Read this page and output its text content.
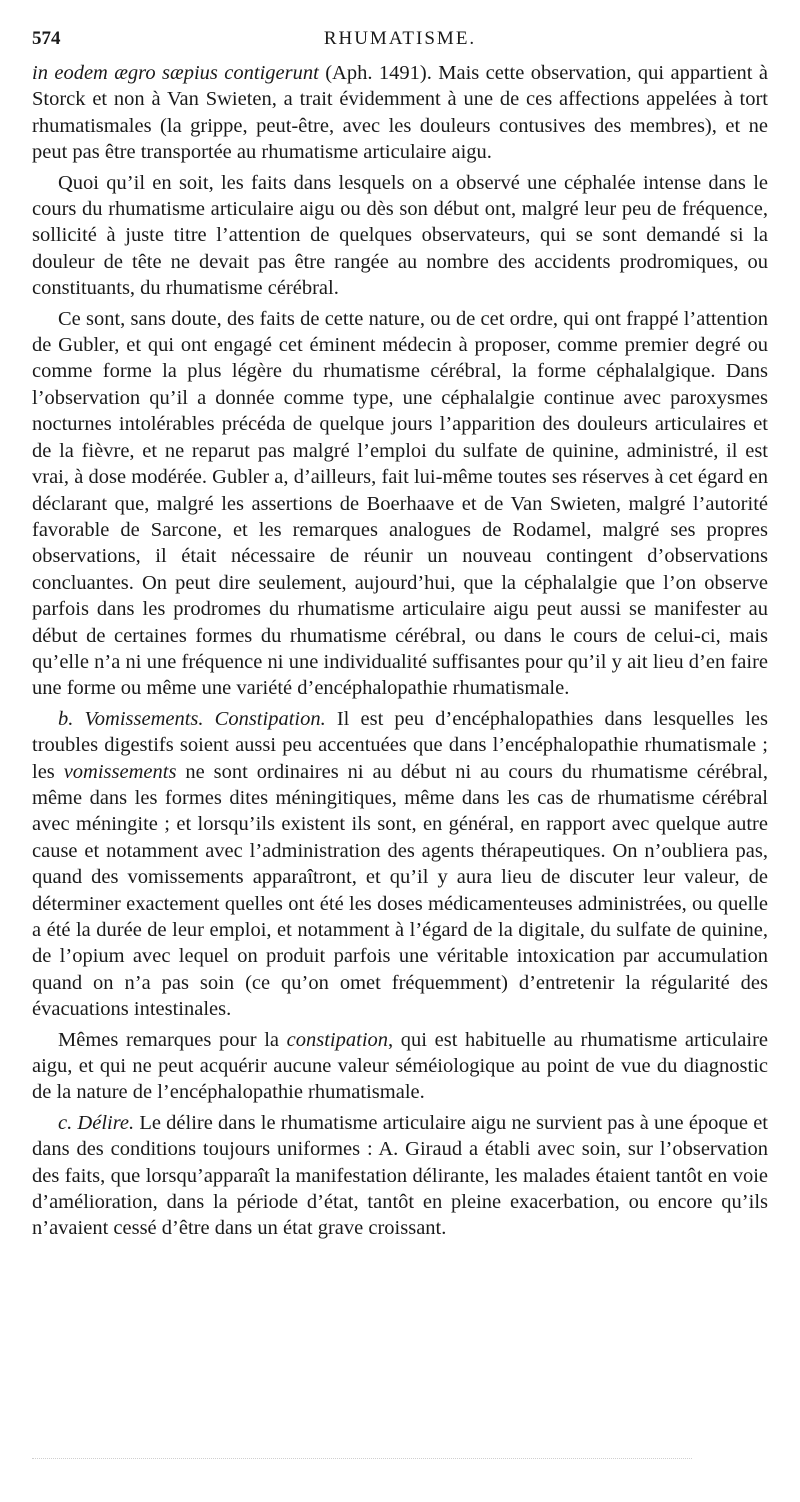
574	RHUMATISME.

in eodem ægro sæpius contigerunt (Aph. 1491). Mais cette observation, qui appartient à Storck et non à Van Swieten, a trait évidemment à une de ces affections appelées à tort rhumatismales (la grippe, peut-être, avec les douleurs contusives des membres), et ne peut pas être transportée au rhumatisme articulaire aigu.

Quoi qu’il en soit, les faits dans lesquels on a observé une céphalée intense dans le cours du rhumatisme articulaire aigu ou dès son début ont, malgré leur peu de fréquence, sollicité à juste titre l’attention de quelques observateurs, qui se sont demandé si la douleur de tête ne devait pas être rangée au nombre des accidents prodromiques, ou constituants, du rhumatisme cérébral.

Ce sont, sans doute, des faits de cette nature, ou de cet ordre, qui ont frappé l’attention de Gubler, et qui ont engagé cet éminent médecin à proposer, comme premier degré ou comme forme la plus légère du rhumatisme cérébral, la forme céphalalgique. Dans l’observation qu’il a donnée comme type, une céphalalgie continue avec paroxysmes nocturnes intolérables précéda de quelque jours l’apparition des douleurs articulaires et de la fièvre, et ne reparut pas malgré l’emploi du sulfate de quinine, administré, il est vrai, à dose modérée. Gubler a, d’ailleurs, fait lui-même toutes ses réserves à cet égard en déclarant que, malgré les assertions de Boerhaave et de Van Swieten, malgré l’autorité favorable de Sarcone, et les remarques analogues de Rodamel, malgré ses propres observations, il était nécessaire de réunir un nouveau contingent d’observations concluantes. On peut dire seulement, aujourd’hui, que la céphalalgie que l’on observe parfois dans les prodromes du rhumatisme articulaire aigu peut aussi se manifester au début de certaines formes du rhumatisme cérébral, ou dans le cours de celui-ci, mais qu’elle n’a ni une fréquence ni une individualité suffisantes pour qu’il y ait lieu d’en faire une forme ou même une variété d’encéphalopathie rhumatismale.

b. Vomissements. Constipation. Il est peu d’encéphalopathies dans lesquelles les troubles digestifs soient aussi peu accentuées que dans l’encéphalopathie rhumatismale ; les vomissements ne sont ordinaires ni au début ni au cours du rhumatisme cérébral, même dans les formes dites méningitiques, même dans les cas de rhumatisme cérébral avec méningite ; et lorsqu’ils existent ils sont, en général, en rapport avec quelque autre cause et notamment avec l’administration des agents thérapeutiques. On n’oubliera pas, quand des vomissements apparaîtront, et qu’il y aura lieu de discuter leur valeur, de déterminer exactement quelles ont été les doses médicamenteuses administrées, ou quelle a été la durée de leur emploi, et notamment à l’égard de la digitale, du sulfate de quinine, de l’opium avec lequel on produit parfois une véritable intoxication par accumulation quand on n’a pas soin (ce qu’on omet fréquemment) d’entretenir la régularité des évacuations intestinales.

Mêmes remarques pour la constipation, qui est habituelle au rhumatisme articulaire aigu, et qui ne peut acquérir aucune valeur séméiologique au point de vue du diagnostic de la nature de l’encéphalopathie rhumatismale.

c. Délire. Le délire dans le rhumatisme articulaire aigu ne survient pas à une époque et dans des conditions toujours uniformes : A. Giraud a établi avec soin, sur l’observation des faits, que lorsqu’apparaît la manifestation délirante, les malades étaient tantôt en voie d’amélioration, dans la période d’état, tantôt en pleine exacerbation, ou encore qu’ils n’avaient cessé d’être dans un état grave croissant.
